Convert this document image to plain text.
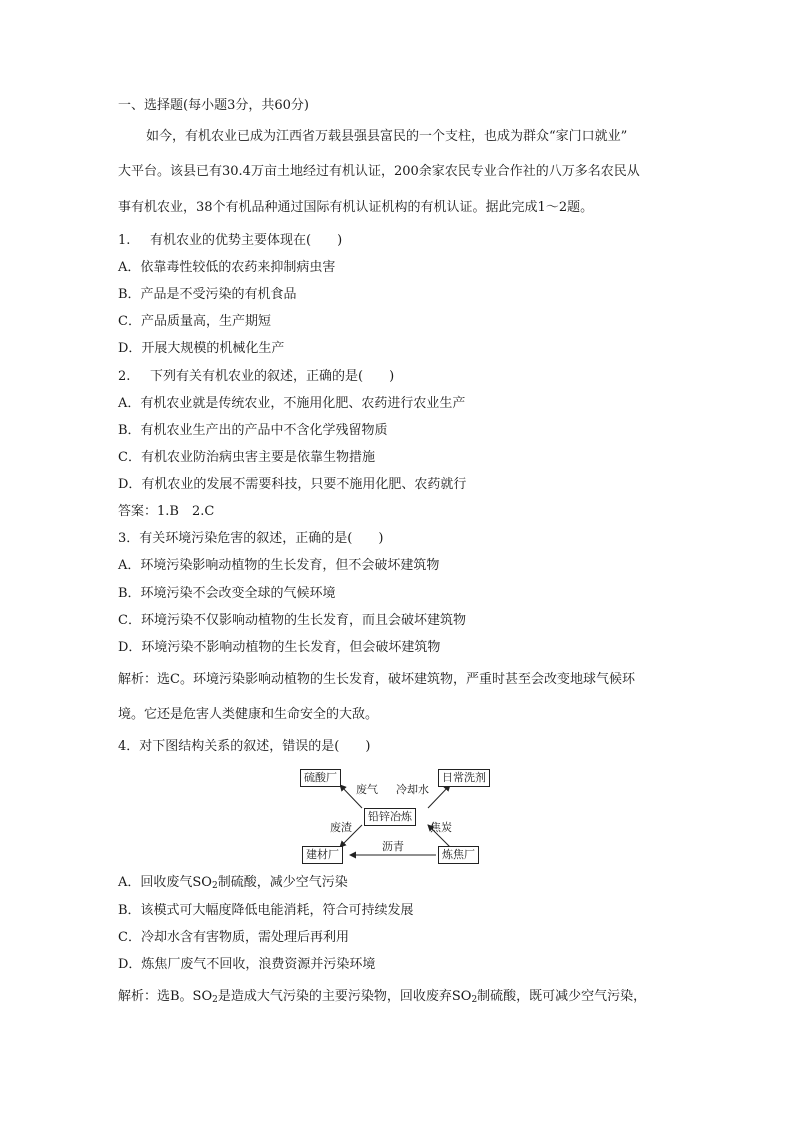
一、选择题(每小题3分，共60分)
如今，有机农业已成为江西省万载县强县富民的一个支柱，也成为群众“家门口就业”
大平台。该县已有30.4万亩土地经过有机认证，200余家农民专业合作社的八万多名农民从
事有机农业，38个有机品种通过国际有机认证机构的有机认证。据此完成1～2题。
1. 有机农业的优势主要体现在(　　)
A．依靠毒性较低的农药来抑制病虫害
B．产品是不受污染的有机食品
C．产品质量高，生产期短
D．开展大规模的机械化生产
2. 下列有关有机农业的叙述，正确的是(　　)
A．有机农业就是传统农业，不施用化肥、农药进行农业生产
B．有机农业生产出的产品中不含化学残留物质
C．有机农业防治病虫害主要是依靠生物措施
D．有机农业的发展不需要科技，只要不施用化肥、农药就行
答案：1.B　2.C
3．有关环境污染危害的叙述，正确的是(　　)
A．环境污染影响动植物的生长发育，但不会破坏建筑物
B．环境污染不会改变全球的气候环境
C．环境污染不仅影响动植物的生长发育，而且会破坏建筑物
D．环境污染不影响动植物的生长发育，但会破坏建筑物
解析：选C。环境污染影响动植物的生长发育，破坏建筑物，严重时甚至会改变地球气候环
境。它还是危害人类健康和生命安全的大敌。
4．对下图结构关系的叙述，错误的是(　　)
硫酸厂	日常洗剂
铅锌冶炼
建材厂	炼焦厂
废气 冷却水
废渣	焦炭
沥青
A．回收废气$SO_2$制硫酸，减少空气污染
B．该模式可大幅度降低电能消耗，符合可持续发展
C．冷却水含有害物质，需处理后再利用
D．炼焦厂废气不回收，浪费资源并污染环境
解析：选B。$SO_2$是造成大气污染的主要污染物，回收废弃$SO_2$制硫酸，既可减少空气污染，
